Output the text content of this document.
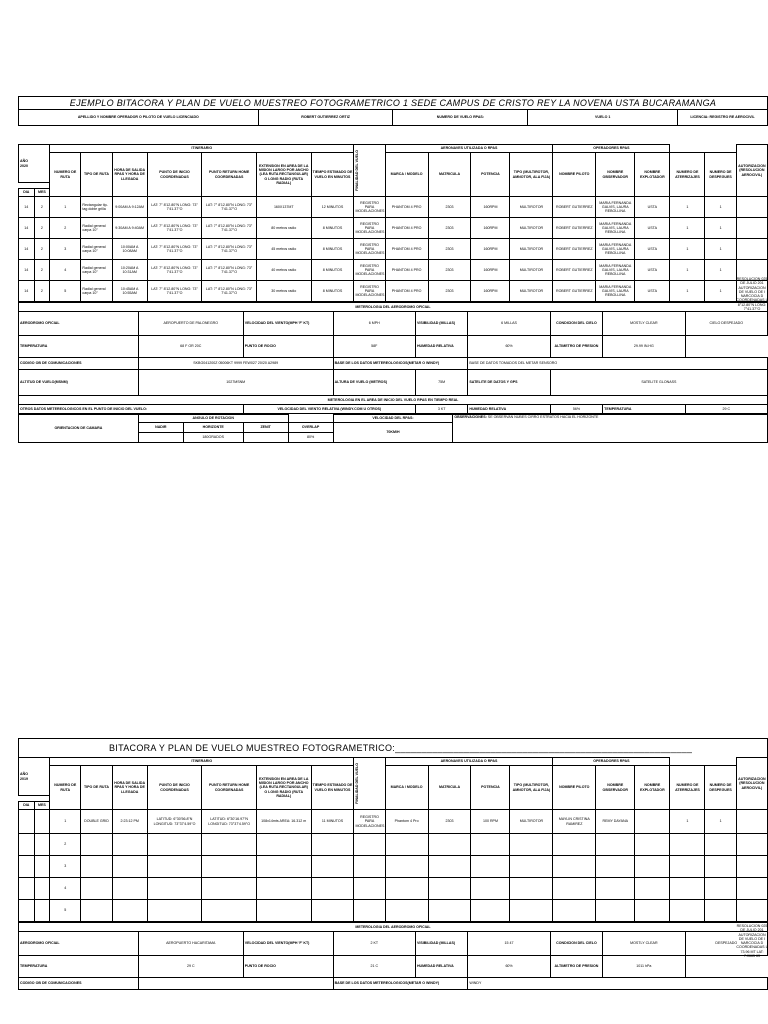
EJEMPLO BITACORA Y PLAN DE VUELO MUESTREO FOTOGRAMETRICO 1 SEDE CAMPUS DE CRISTO REY LA NOVENA USTA BUCARAMANGA
APELLIDO Y NOMBRE OPERADOR O PILOTO DE VUELO LICENCIADO	ROBERT GUTIERREZ ORTIZ	NUMERO DE VUELO RPAS:	VUELO 1	LICENCIA: REGISTRO RE AEROCIVIL
AÑO
2020		ITINERARIO							FINALIDAD DEL VUELO	AERONAVES UTILIZADA O RPAS				OPERADORES RPAS					AUTORIZACION (RESOLUCION AEROCIVIL)
		NUMERO DE RUTA	TIPO DE RUTA	HORA DE SALIDA RPAS Y HORA DE LLEGADA	PUNTO DE INICIO COORDENADAS	PUNTO RETURN HOME COORDENADAS	EXTENSION EN AREA DE LA MISION LARGO POR ANCHO (LEA RUTA RECTANGULAR) O LONG RADIO (RUTA RADIAL)	TIEMPO ESTIMADO DE VUELO EN MINUTOS		MARCA / MODELO	MATRICULA	POTENCIA	TIPO (MULTIROTOR, AMNOTOR, ALA FIJA)	NOMBRE PILOTO	NOMBRE OBSERVADOR	NOMBRE EXPLOTADOR	NUMERO DE ATERRIZAJES	NUMERO DE DESPEGUES	

DIA	MES																		
14	2	1	Rectangular tip-tag doble grilla	9:00AM A 9:12AM	LAT: 7° 8'12.80"N LONG: 73° 7'41.37"O	LAT: 7° 8'12.80"N LONG: 73° 7'41.37"O	160X137MT	12 MINUTOS	REGISTRO PARA MODELACIONES	PHANTOM 4 PRO	2303	160RPM	MULTIROTOR	ROBERT GUTIERREZ	MARIA FERNANDA GALVIS, LAURA REBOLLINA	USTA	1	1	
14	2	2	Radial general carpa 10°	9:30AM A 9:40AM	LAT: 7° 8'12.80"N LONG: 73° 7'41.37"O	LAT: 7° 8'12.80"N LONG: 73° 7'41.37"O	80 metros radio	8 MINUTOS	REGISTRO PARA MODELACIONES	PHANTOM 4 PRO	2303	160RPM	MULTIROTOR	ROBERT GUTIERREZ	MARIA FERNANDA GALVIS, LAURA REBOLLINA	USTA	1	1	
14	2	3	Radial general carpa 10°	10:00AM A 10:08AM	LAT: 7° 8'12.80"N LONG: 73° 7'41.37"O	LAT: 7° 8'12.80"N LONG: 73° 7'41.37"O	45 metros radio	8 MINUTOS	REGISTRO PARA MODELACIONES	PHANTOM 4 PRO	2303	160RPM	MULTIROTOR	ROBERT GUTIERREZ	MARIA FERNANDA GALVIS, LAURA REBOLLINA	USTA	1	1	
14	2	4	Radial general carpa 10°	10:20AM A 10:31AM	LAT: 7° 8'12.80"N LONG: 73° 7'41.37"O	LAT: 7° 8'12.80"N LONG: 73° 7'41.37"O	40 metros radio	8 MINUTOS	REGISTRO PARA MODELACIONES	PHANTOM 4 PRO	2303	160RPM	MULTIROTOR	ROBERT GUTIERREZ	MARIA FERNANDA GALVIS, LAURA REBOLLINA	USTA	1	1	
14	2	5	Radial general carpa 10°	10:45AM A 10:55AM	LAT: 7° 8'12.80"N LONG: 73° 7'41.37"O	LAT: 7° 8'12.80"N LONG: 73° 7'41.37"O	30 metros radio	8 MINUTOS	REGISTRO PARA MODELACIONES	PHANTOM 4 PRO	2303	160RPM	MULTIROTOR	ROBERT GUTIERREZ	MARIA FERNANDA GALVIS, LAURA REBOLLINA	USTA	1	1	
METEROLOGIA DEL AERODROMO OFICIAL								
AERODROMO OFICIAL	AEROPUERTO DE PALONEGRO	VELOCIDAD DEL VIENTO(MPH 'F' KT)	6 MPH	VISIBILIDAD (MILLAS)	6 MILLAS	CONDICION DEL CIELO	MOSTLY CLEAR	CIELO DESPEJADO
TEMPERATURA	68 F OR 20C	PUNTO DE ROCIO	58F	HUMEDAD RELATIVA	60%	ALTIMETRO DE PRESION	29.99 IN.HG	
CODIGO OB DE COMUNICACIONES	SKBG041200Z 05006KT 9999 FEW027 20/20 A2989		BASE DE LOS DATOS METEREOLOGICOS(METAR O WINDY)		BASE DE DATOS TOMADOS DEL METAR SENSORO			
ALTITUD DE VUELO(MSNM)	1027MSNM		ALTURA DE VUELO (METROS)	75M	SATELITE DE DATOS Y GPS	SATELITE GLONASS		
METEROLOGIA EN EL AREA DE INICIO DEL VUELO RPAS EN TIEMPO REAL								
OTROS DATOS METEREOLOGICOS EN EL PUNTO DE INICIO DEL VUELO:		VELOCIDAD DEL VIENTO RELATIVA (WINDY.COM U OTROS)		3 KT	HUMEDAD RELATIVA	56%	TEMPERATURA	29 C
ORIENTACION DE CAMARA	ANGULO DE ROTACION				VELOCIDAD DEL RPAS:	OBSERVACIONES: SE OBSERVAN NUBES CIRRO ESTRATOS HACIA EL HORIZONTE
	NADIR	HORIZONTE	ZENIT	OVERLAP	70KM/H	
		180GRADOS		80%		
RESOLUCION 025 DE JULIO 201 AUTORIZACION DE VUELO DE I NARCOCIA D COORDENADAS L 8°12.80"N LONG: 7°41.37"O
BITACORA Y PLAN DE VUELO MUESTREO FOTOGRAMETRICO:________________________________________________________
AÑO
2019		ITINERARIO							FINALIDAD DEL VUELO	AERONAVES UTILIZADA O RPAS				OPERADORES RPAS					AUTORIZACION (RESOLUCION AEROCIVIL)
		NUMERO DE RUTA	TIPO DE RUTA	HORA DE SALIDA RPAS Y HORA DE LLEGADA	PUNTO DE INICIO COORDENADAS	PUNTO RETURN HOME COORDENADAS	EXTENSION EN AREA DE LA MISION LARGO POR ANCHO (LEA RUTA RECTANGULAR) O LONG RADIO (RUTA RADIAL)	TIEMPO ESTIMADO DE VUELO EN MINUTOS		MARCA / MODELO	MATRICULA	POTENCIA	TIPO (MULTIROTOR, AMNOTOR, ALA FIJA)	NOMBRE PILOTO	NOMBRE OBSERVADOR	NOMBRE EXPLOTADOR	NUMERO DE ATERRIZAJES	NUMERO DE DESPEGUES	

DIA	MES																		
		1	DOUBLE GRID	2:23:12 PM	LATITUD: 6°30'56.8"N LONGITUD: 73°37'4.59"O	LATITUD: 6°30'16.97"N LONGITUD: 73°37'4.59"O	108x14mts AREA: 16.312 m	11 MINUTOS	REGISTRO PARA MODELACIONES	Phantom 4 Pro	2303	100 RPM	MULTIROTOR	MAYLIN CRISTINA RAMIREZ	REMY DAYANA		1	1	
		2																	
		3																	
		4																	
		5																	
METEROLOGIA DEL AERODROMO OFICIAL								
AERODROMO OFICIAL	AEROPUERTO HACARITAMA	VELOCIDAD DEL VIENTO(MPH 'F' KT)	2 KT	VISIBILIDAD (MILLAS)	15 47	CONDICION DEL CIELO	MOSTLY CLEAR	DESPEJADO
TEMPERATURA	29 C	PUNTO DE ROCIO	21 C	HUMEDAD RELATIVA	60%	ALTIMETRO DE PRESION	1011 hPa	
CODIGO OB DE COMUNICACIONES			BASE DE LOS DATOS METEREOLOGICOS(METAR O WINDY)		WINDY			
RESOLUCION 025 DE JULIO 201 AUTORIZACION DE VUELO DE I NARCOCIA D COORDENADAS L 73.96 MT LAT: 7.0665 63
